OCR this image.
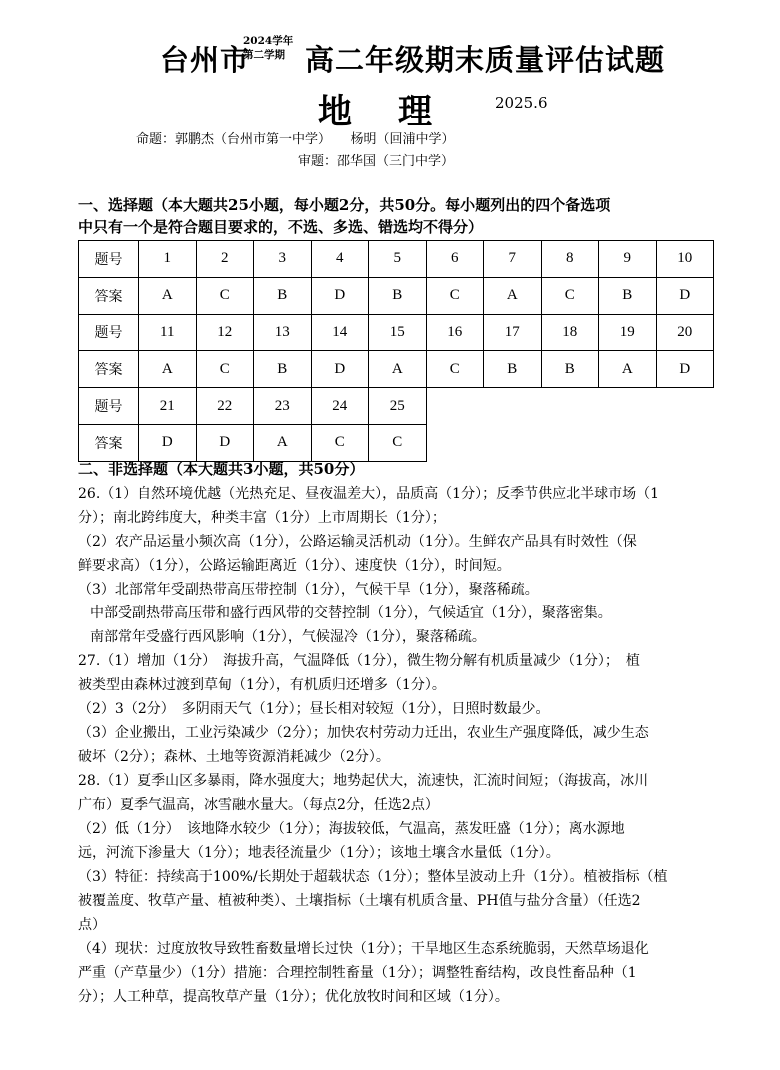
台州市
2024学年
第二学期 高二年级期末质量评估试题
地理 2025.6
命题：郭鹏杰（台州市第一中学）　　杨明（回浦中学）
审题：邵华国（三门中学）
一、选择题（本大题共25小题，每小题2分，共50分。每小题列出的四个备选项
中只有一个是符合题目要求的，不选、多选、错选均不得分）
题号	1	2	3	4	5	6	7	8	9	10
答案	A	C	B	D	B	C	A	C	B	D
题号	11	12	13	14	15	16	17	18	19	20
答案	A	C	B	D	A	C	B	B	A	D
题号	21	22	23	24	25					
答案	D	D	A	C	C					
二、非选择题（本大题共3小题，共50分）
26.（1）自然环境优越（光热充足、昼夜温差大），品质高（1分）；反季节供应北半球市场（1
分）；南北跨纬度大，种类丰富（1分）上市周期长（1分）；
（2）农产品运量小频次高（1分），公路运输灵活机动（1分）。生鲜农产品具有时效性（保
鲜要求高）（1分），公路运输距离近（1分）、速度快（1分），时间短。
（3）北部常年受副热带高压带控制（1分），气候干旱（1分），聚落稀疏。
中部受副热带高压带和盛行西风带的交替控制（1分），气候适宜（1分），聚落密集。
南部常年受盛行西风影响（1分），气候湿冷（1分），聚落稀疏。
27.（1）增加（1分）　海拔升高，气温降低（1分），微生物分解有机质量减少（1分）；　植
被类型由森林过渡到草甸（1分），有机质归还增多（1分）。
（2）3（2分）　多阴雨天气（1分）；昼长相对较短（1分），日照时数最少。
（3）企业搬出，工业污染减少（2分）；加快农村劳动力迁出，农业生产强度降低，减少生态
破坏（2分）；森林、土地等资源消耗减少（2分）。
28.（1）夏季山区多暴雨，降水强度大；地势起伏大，流速快，汇流时间短；（海拔高，冰川
广布）夏季气温高，冰雪融水量大。（每点2分，任选2点）
（2）低（1分）　该地降水较少（1分）；海拔较低，气温高，蒸发旺盛（1分）；离水源地
远，河流下渗量大（1分）；地表径流量少（1分）；该地土壤含水量低（1分）。
（3）特征：持续高于100%/长期处于超载状态（1分）；整体呈波动上升（1分）。植被指标（植
被覆盖度、牧草产量、植被种类）、土壤指标（土壤有机质含量、PH值与盐分含量）（任选2
点）
（4）现状：过度放牧导致牲畜数量增长过快（1分）；干旱地区生态系统脆弱，天然草场退化
严重（产草量少）（1分）措施：合理控制牲畜量（1分）；调整牲畜结构，改良性畜品种（1
分）；人工种草，提高牧草产量（1分）；优化放牧时间和区域（1分）。
